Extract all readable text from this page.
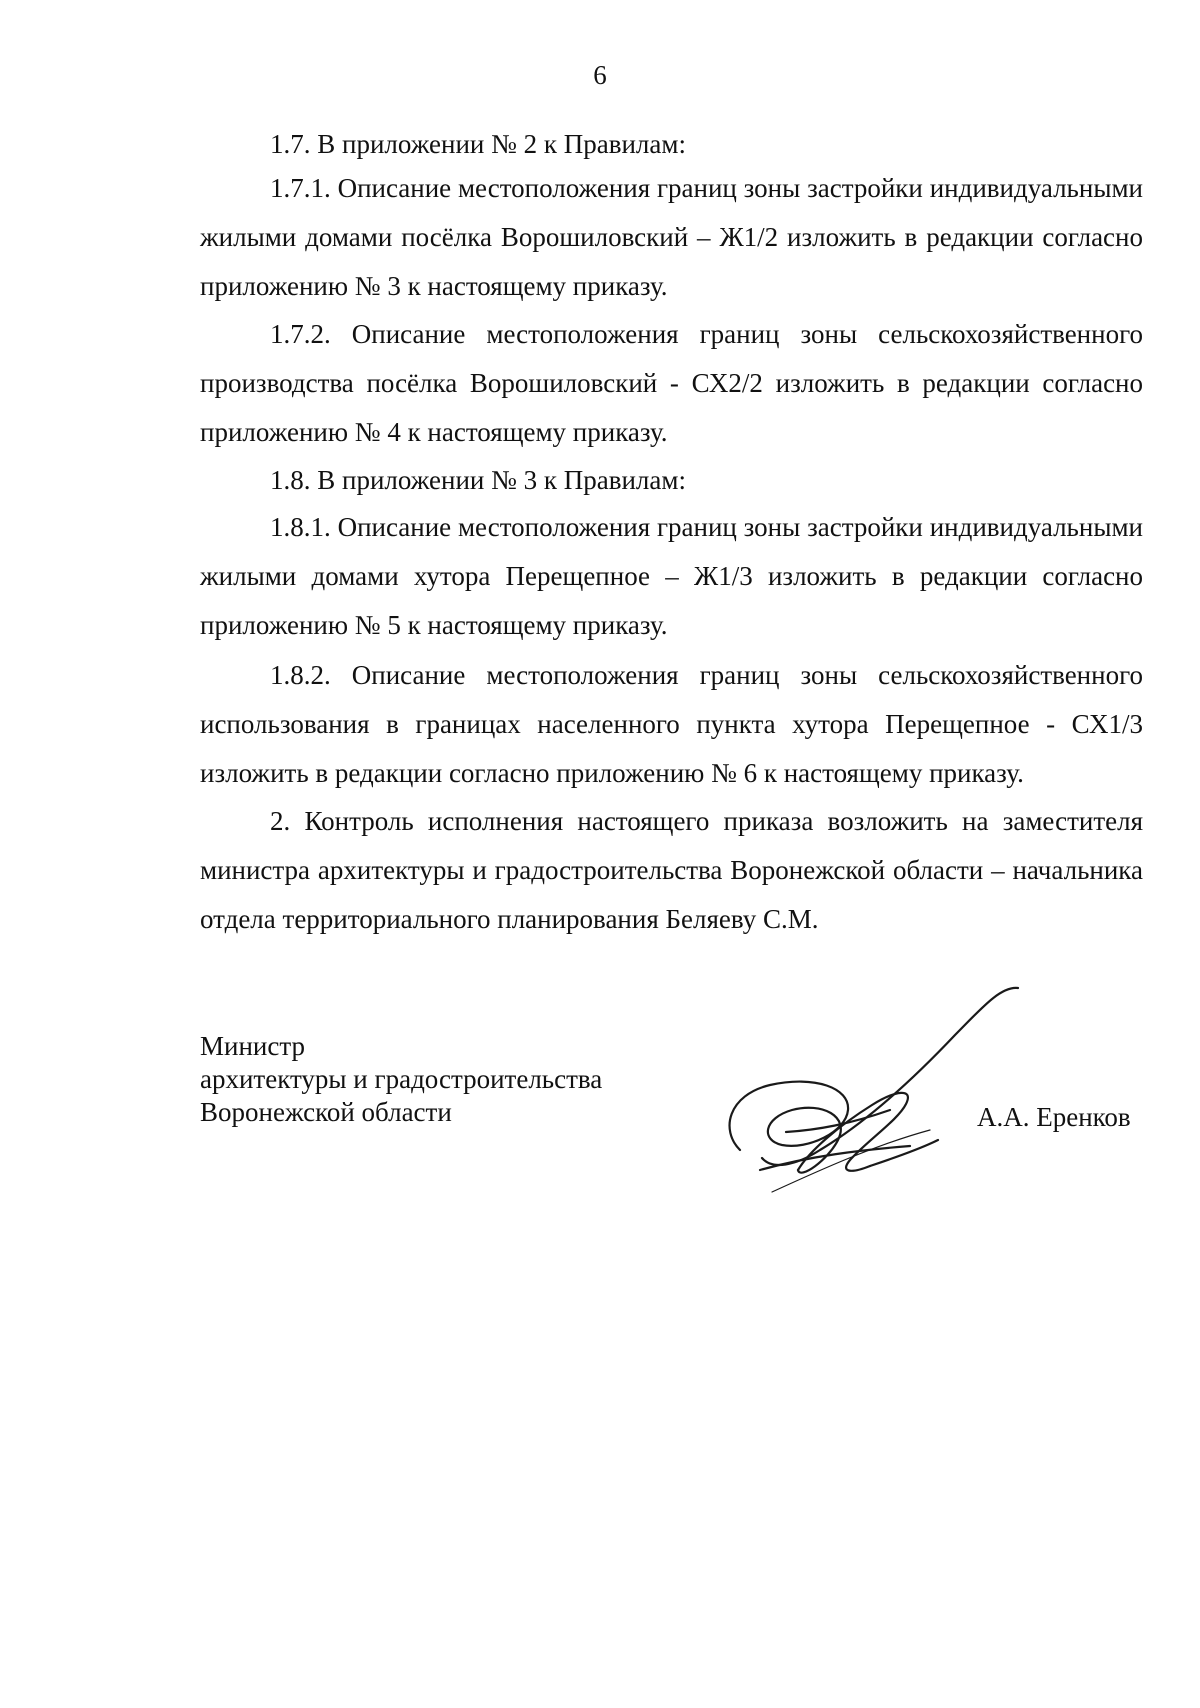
6

1.7. В приложении № 2 к Правилам:

1.7.1. Описание местоположения границ зоны застройки индивидуальными жилыми домами посёлка Ворошиловский – Ж1/2 изложить в редакции согласно приложению № 3 к настоящему приказу.

1.7.2. Описание местоположения границ зоны сельскохозяйственного производства посёлка Ворошиловский - СХ2/2 изложить в редакции согласно приложению № 4 к настоящему приказу.

1.8. В приложении № 3 к Правилам:

1.8.1. Описание местоположения границ зоны застройки индивидуальными жилыми домами хутора Перещепное – Ж1/3 изложить в редакции согласно приложению № 5 к настоящему приказу.

1.8.2. Описание местоположения границ зоны сельскохозяйственного использования в границах населенного пункта хутора Перещепное - СХ1/3 изложить в редакции согласно приложению № 6 к настоящему приказу.

2. Контроль исполнения настоящего приказа возложить на заместителя министра архитектуры и градостроительства Воронежской области – начальника отдела территориального планирования Беляеву С.М.

Министр
архитектуры и градостроительства
Воронежской области	А.А. Еренков
